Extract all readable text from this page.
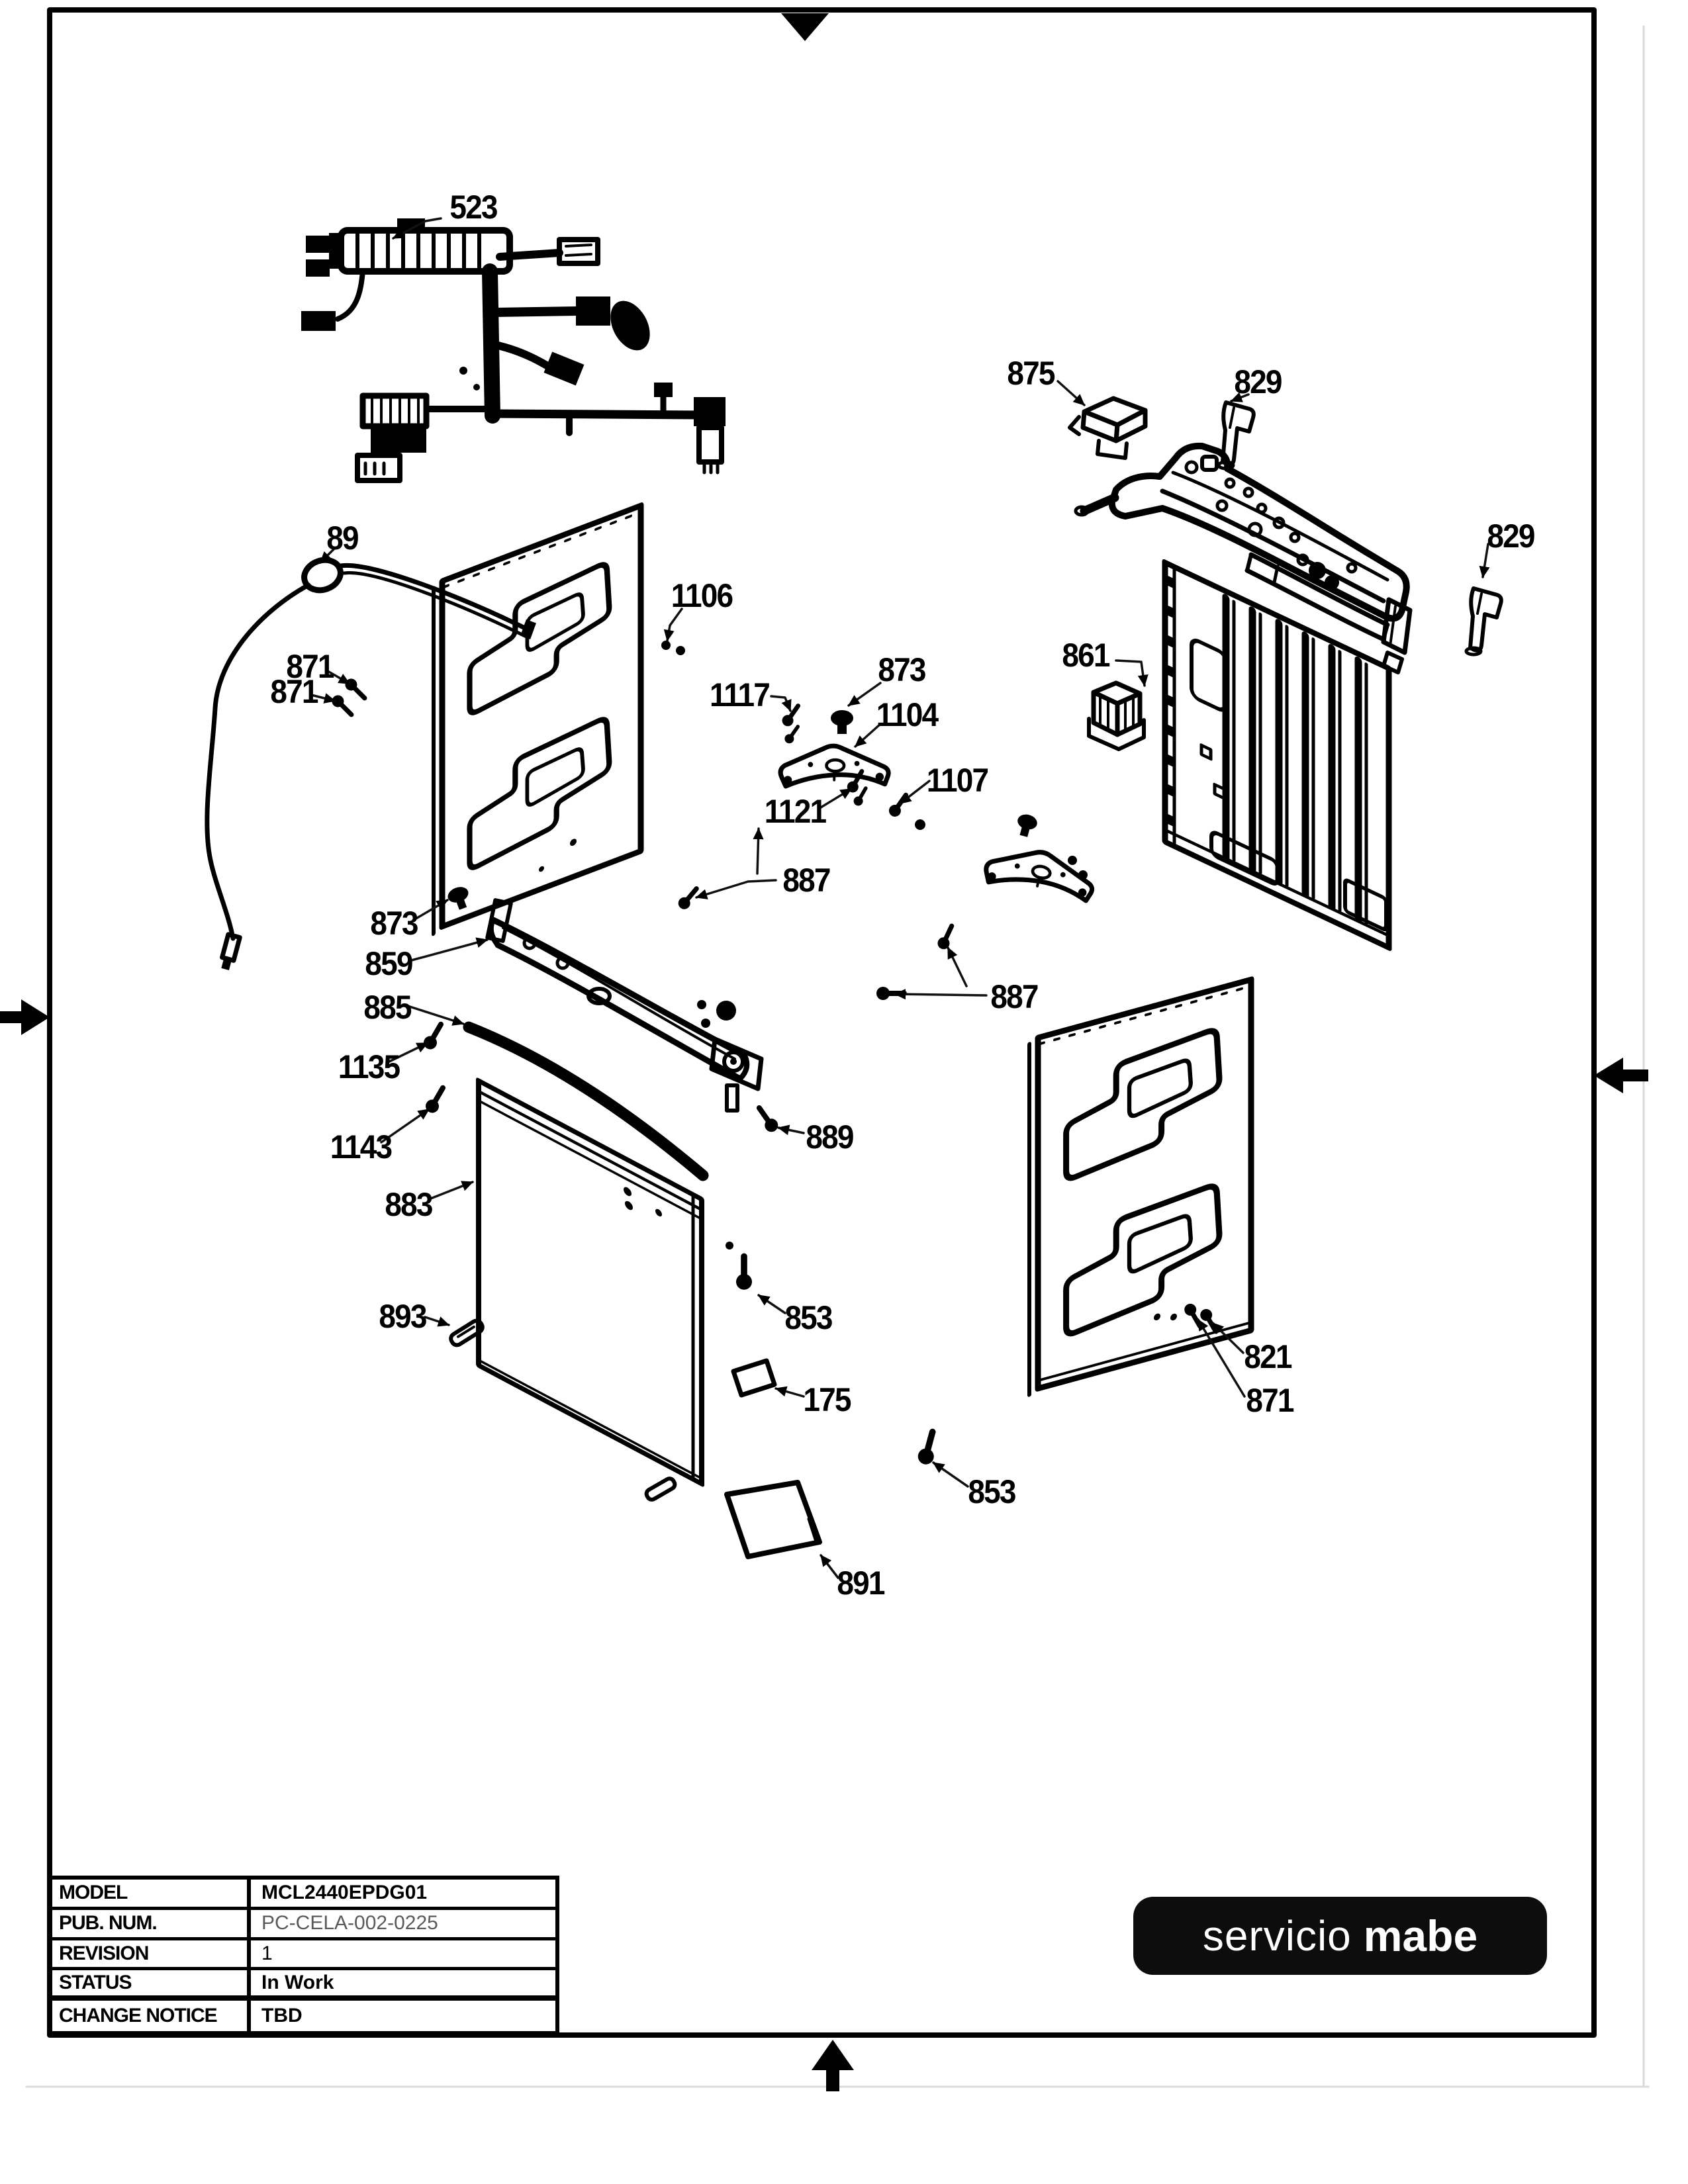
523
875	829
829
89
1106
861
1117
873
1104
1121
1107
871
871
887
873
859
885
1135
887
1143	889
883
821
871
893	853
175
853
891
MODEL	MCL2440EPDG01
PUB. NUM.	PC-CELA-002-0225
REVISION	1
STATUS	In Work
CHANGE NOTICE	TBD
servicio mabe
